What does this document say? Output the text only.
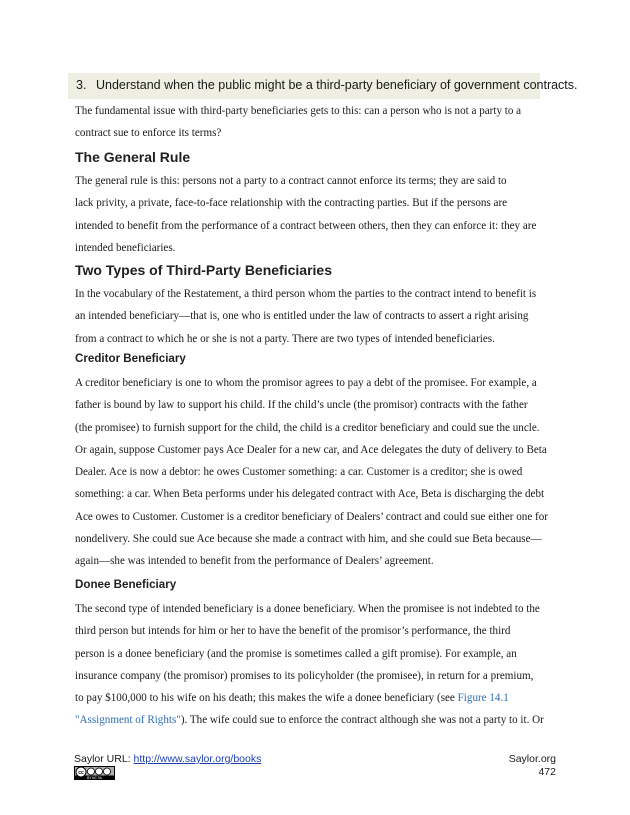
3. Understand when the public might be a third-party beneficiary of government contracts.
The fundamental issue with third-party beneficiaries gets to this: can a person who is not a party to a
contract sue to enforce its terms?
The General Rule
The general rule is this: persons not a party to a contract cannot enforce its terms; they are said to
lack privity, a private, face-to-face relationship with the contracting parties. But if the persons are
intended to benefit from the performance of a contract between others, then they can enforce it: they are
intended beneficiaries.
Two Types of Third-Party Beneficiaries
In the vocabulary of the Restatement, a third person whom the parties to the contract intend to benefit is
an intended beneficiary—that is, one who is entitled under the law of contracts to assert a right arising
from a contract to which he or she is not a party. There are two types of intended beneficiaries.
Creditor Beneficiary
A creditor beneficiary is one to whom the promisor agrees to pay a debt of the promisee. For example, a
father is bound by law to support his child. If the child’s uncle (the promisor) contracts with the father
(the promisee) to furnish support for the child, the child is a creditor beneficiary and could sue the uncle.
Or again, suppose Customer pays Ace Dealer for a new car, and Ace delegates the duty of delivery to Beta
Dealer. Ace is now a debtor: he owes Customer something: a car. Customer is a creditor; she is owed
something: a car. When Beta performs under his delegated contract with Ace, Beta is discharging the debt
Ace owes to Customer. Customer is a creditor beneficiary of Dealers’ contract and could sue either one for
nondelivery. She could sue Ace because she made a contract with him, and she could sue Beta because—
again—she was intended to benefit from the performance of Dealers’ agreement.
Donee Beneficiary
The second type of intended beneficiary is a donee beneficiary. When the promisee is not indebted to the
third person but intends for him or her to have the benefit of the promisor’s performance, the third
person is a donee beneficiary (and the promise is sometimes called a gift promise). For example, an
insurance company (the promisor) promises to its policyholder (the promisee), in return for a premium,
to pay $100,000 to his wife on his death; this makes the wife a donee beneficiary (see Figure 14.1
"Assignment of Rights"). The wife could sue to enforce the contract although she was not a party to it. Or
Saylor URL: http://www.saylor.org/books
cc
BY NC SA
Saylor.org
472
